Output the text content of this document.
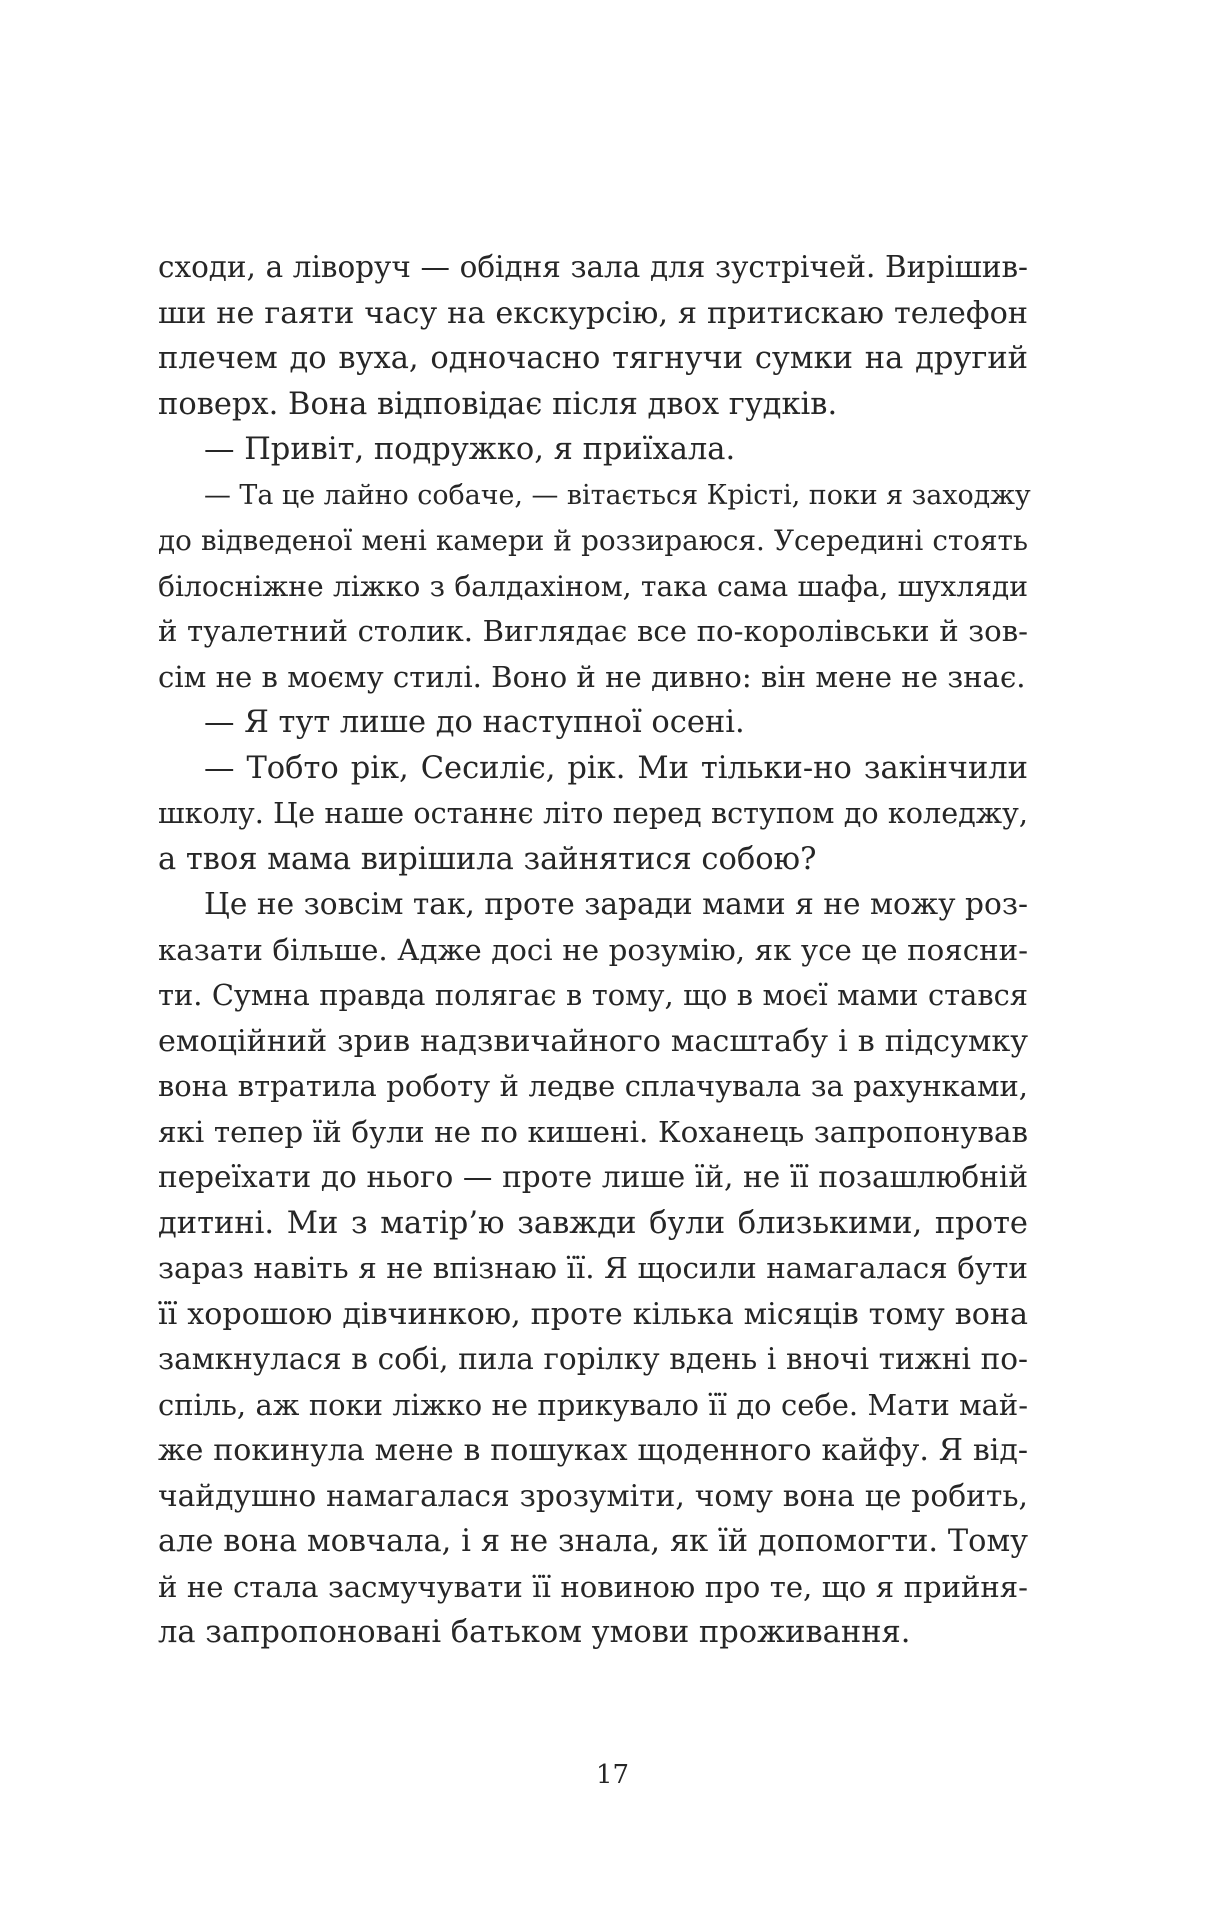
сходи, а ліворуч — обідня зала для зустрічей. Вирішив-
ши не гаяти часу на екскурсію, я притискаю телефон
плечем до вуха, одночасно тягнучи сумки на другий
поверх. Вона відповідає після двох гудків.
— Привіт, подружко, я приїхала.
— Та це лайно собаче, — вітається Крісті, поки я заходжу
до відведеної мені камери й роззираюся. Усередині стоять
білосніжне ліжко з балдахіном, така сама шафа, шухляди
й туалетний столик. Виглядає все по-королівськи й зов-
сім не в моєму стилі. Воно й не дивно: він мене не знає.
— Я тут лише до наступної осені.
— Тобто рік, Сесиліє, рік. Ми тільки-но закінчили
школу. Це наше останнє літо перед вступом до коледжу,
а твоя мама вирішила зайнятися собою?
Це не зовсім так, проте заради мами я не можу роз-
казати більше. Адже досі не розумію, як усе це поясни-
ти. Сумна правда полягає в тому, що в моєї мами стався
емоційний зрив надзвичайного масштабу і в підсумку
вона втратила роботу й ледве сплачувала за рахунками,
які тепер їй були не по кишені. Коханець запропонував
переїхати до нього — проте лише їй, не її позашлюбній
дитині. Ми з матір’ю завжди були близькими, проте
зараз навіть я не впізнаю її. Я щосили намагалася бути
її хорошою дівчинкою, проте кілька місяців тому вона
замкнулася в собі, пила горілку вдень і вночі тижні по-
спіль, аж поки ліжко не прикувало її до себе. Мати май-
же покинула мене в пошуках щоденного кайфу. Я від-
чайдушно намагалася зрозуміти, чому вона це робить,
але вона мовчала, і я не знала, як їй допомогти. Тому
й не стала засмучувати її новиною про те, що я прийня-
ла запропоновані батьком умови проживання.
17
